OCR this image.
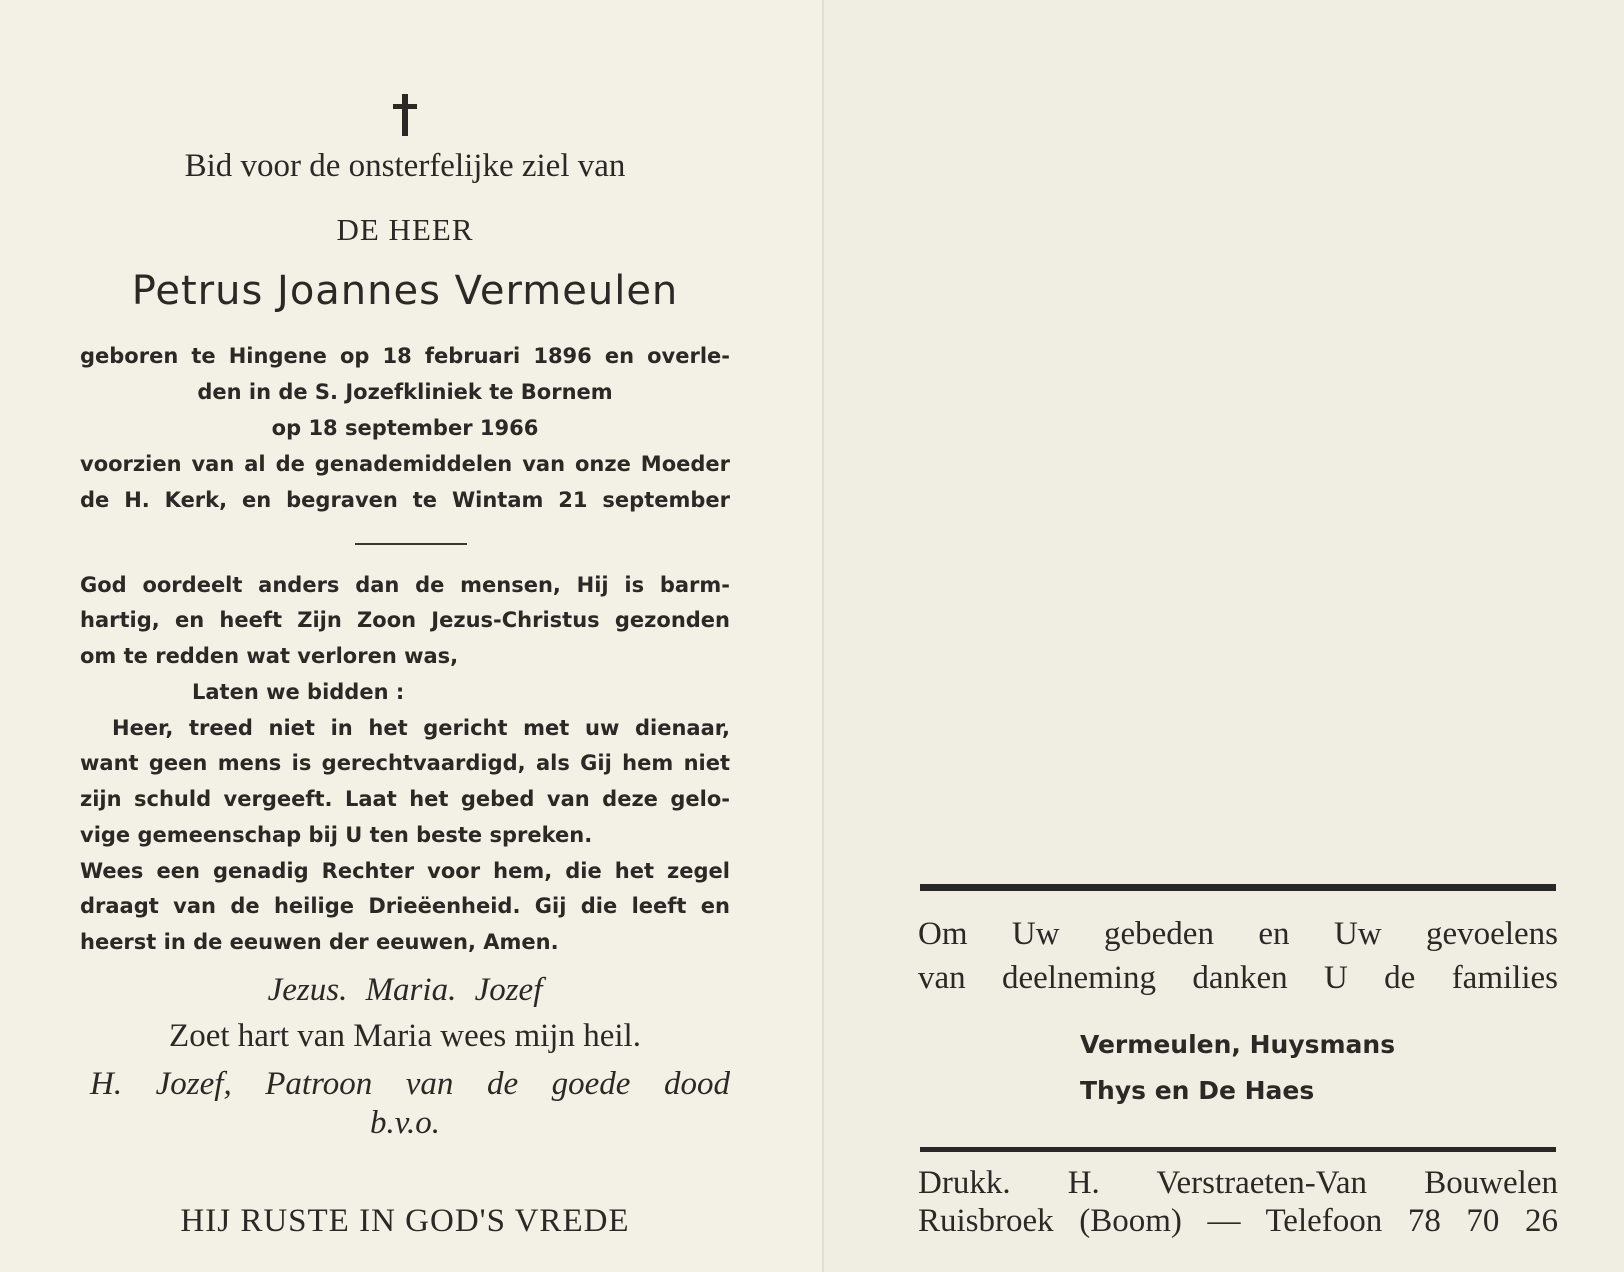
Bid voor de onsterfelijke ziel van
DE HEER
Petrus Joannes Vermeulen
geboren te Hingene op 18 februari 1896 en overle-
den in de S. Jozefkliniek te Bornem
op 18 september 1966
voorzien van al de genademiddelen van onze Moeder
de H. Kerk, en begraven te Wintam 21 september
God oordeelt anders dan de mensen, Hij is barm-
hartig, en heeft Zijn Zoon Jezus-Christus gezonden
om te redden wat verloren was,
Laten we bidden :
Heer, treed niet in het gericht met uw dienaar,
want geen mens is gerechtvaardigd, als Gij hem niet
zijn schuld vergeeft. Laat het gebed van deze gelo-
vige gemeenschap bij U ten beste spreken.
Wees een genadig Rechter voor hem, die het zegel
draagt van de heilige Drieëenheid. Gij die leeft en
heerst in de eeuwen der eeuwen, Amen.
Jezus. Maria. Jozef
Zoet hart van Maria wees mijn heil.
H. Jozef, Patroon van de goede dood
b.v.o.
HIJ RUSTE IN GOD'S VREDE
Om Uw gebeden en Uw gevoelens
van deelneming danken U de families
Vermeulen, Huysmans
Thys en De Haes
Drukk. H. Verstraeten-Van Bouwelen
Ruisbroek (Boom) — Telefoon 78 70 26
